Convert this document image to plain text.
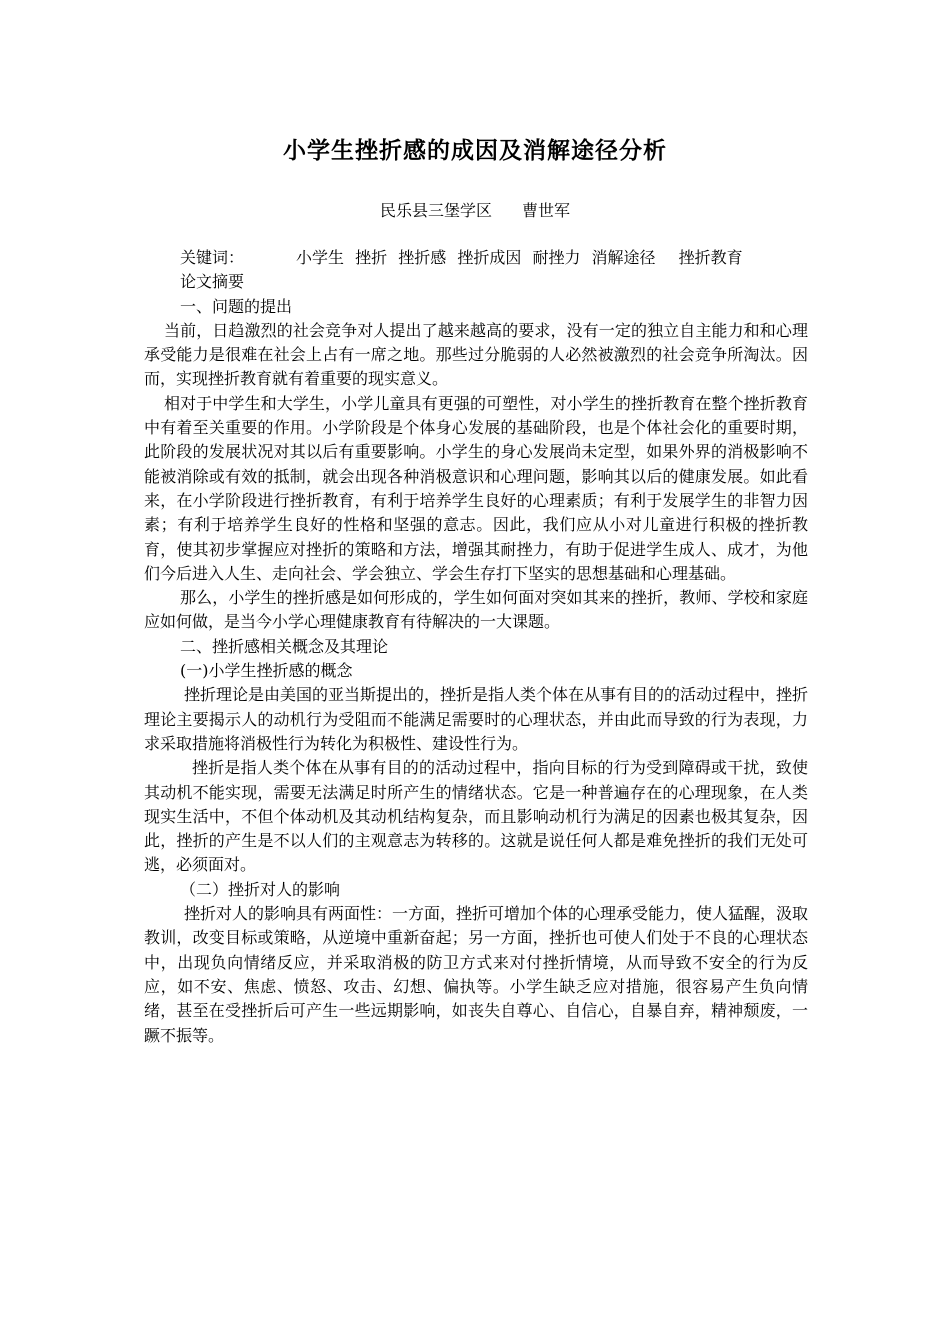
小学生挫折感的成因及消解途径分析
民乐县三堡学区 曹世军
关键词：	小学生 挫折 挫折感 挫折成因 耐挫力 消解途径 挫折教育

论文摘要

一、问题的提出

当前，日趋激烈的社会竞争对人提出了越来越高的要求，没有一定的独立自主能力和和心理承受能力是很难在社会上占有一席之地。那些过分脆弱的人必然被激烈的社会竞争所淘汰。因而，实现挫折教育就有着重要的现实意义。

相对于中学生和大学生，小学儿童具有更强的可塑性，对小学生的挫折教育在整个挫折教育中有着至关重要的作用。小学阶段是个体身心发展的基础阶段，也是个体社会化的重要时期，此阶段的发展状况对其以后有重要影响。小学生的身心发展尚未定型，如果外界的消极影响不能被消除或有效的抵制，就会出现各种消极意识和心理问题，影响其以后的健康发展。如此看来，在小学阶段进行挫折教育，有利于培养学生良好的心理素质；有利于发展学生的非智力因素；有利于培养学生良好的性格和坚强的意志。因此，我们应从小对儿童进行积极的挫折教育，使其初步掌握应对挫折的策略和方法，增强其耐挫力，有助于促进学生成人、成才，为他们今后进入人生、走向社会、学会独立、学会生存打下坚实的思想基础和心理基础。

那么，小学生的挫折感是如何形成的，学生如何面对突如其来的挫折，教师、学校和家庭应如何做，是当今小学心理健康教育有待解决的一大课题。

二、挫折感相关概念及其理论

(一)小学生挫折感的概念

挫折理论是由美国的亚当斯提出的，挫折是指人类个体在从事有目的的活动过程中，挫折理论主要揭示人的动机行为受阻而不能满足需要时的心理状态，并由此而导致的行为表现，力求采取措施将消极性行为转化为积极性、建设性行为。

挫折是指人类个体在从事有目的的活动过程中，指向目标的行为受到障碍或干扰，致使其动机不能实现，需要无法满足时所产生的情绪状态。它是一种普遍存在的心理现象，在人类现实生活中，不但个体动机及其动机结构复杂，而且影响动机行为满足的因素也极其复杂，因此，挫折的产生是不以人们的主观意志为转移的。这就是说任何人都是难免挫折的我们无处可逃，必须面对。

（二）挫折对人的影响

挫折对人的影响具有两面性：一方面，挫折可增加个体的心理承受能力，使人猛醒，汲取教训，改变目标或策略，从逆境中重新奋起；另一方面，挫折也可使人们处于不良的心理状态中，出现负向情绪反应，并采取消极的防卫方式来对付挫折情境，从而导致不安全的行为反应，如不安、焦虑、愤怒、攻击、幻想、偏执等。小学生缺乏应对措施，很容易产生负向情绪，甚至在受挫折后可产生一些远期影响，如丧失自尊心、自信心，自暴自弃，精神颓废，一蹶不振等。
